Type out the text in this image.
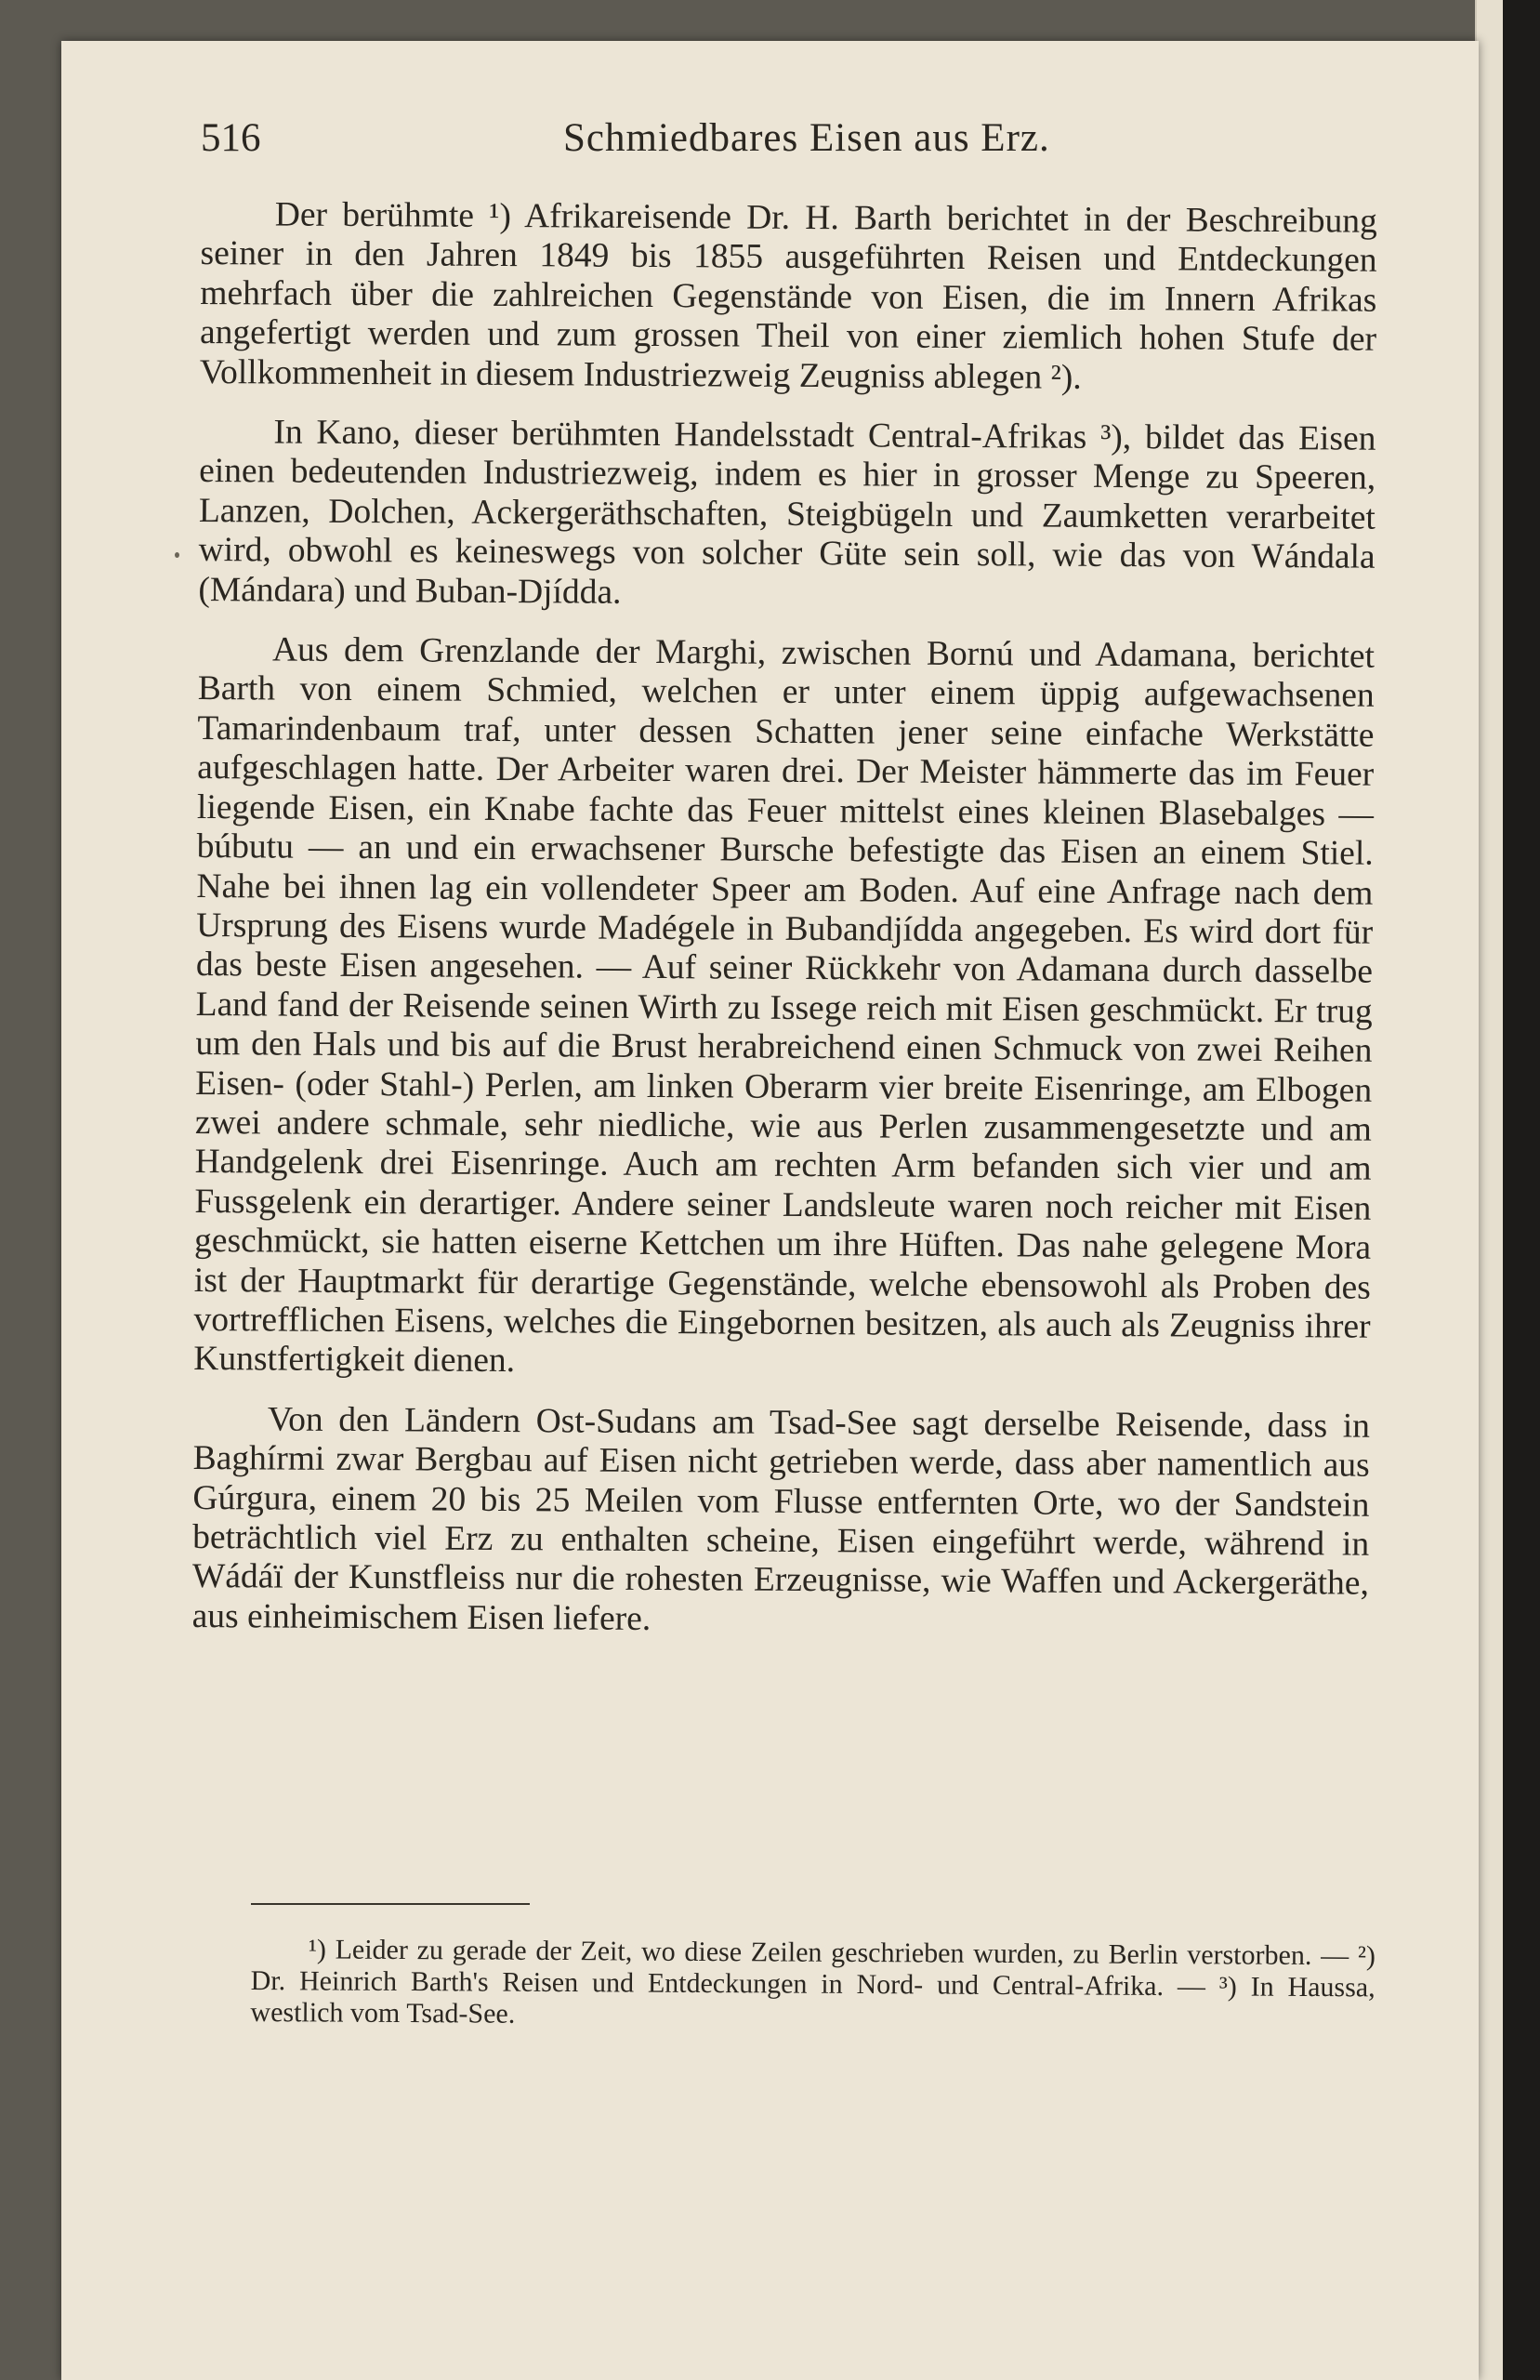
516	Schmiedbares Eisen aus Erz.

Der berühmte ¹) Afrikareisende Dr. H. Barth berichtet in der Beschreibung seiner in den Jahren 1849 bis 1855 ausgeführten Reisen und Entdeckungen mehrfach über die zahlreichen Gegenstände von Eisen, die im Innern Afrikas angefertigt werden und zum grossen Theil von einer ziemlich hohen Stufe der Vollkommenheit in diesem Industriezweig Zeugniss ablegen ²).

In Kano, dieser berühmten Handelsstadt Central-Afrikas ³), bildet das Eisen einen bedeutenden Industriezweig, indem es hier in grosser Menge zu Speeren, Lanzen, Dolchen, Ackergeräthschaften, Steigbügeln und Zaumketten verarbeitet wird, obwohl es keineswegs von solcher Güte sein soll, wie das von Wándala (Mándara) und Buban-Djídda.

Aus dem Grenzlande der Marghi, zwischen Bornú und Adamana, berichtet Barth von einem Schmied, welchen er unter einem üppig aufgewachsenen Tamarindenbaum traf, unter dessen Schatten jener seine einfache Werkstätte aufgeschlagen hatte. Der Arbeiter waren drei. Der Meister hämmerte das im Feuer liegende Eisen, ein Knabe fachte das Feuer mittelst eines kleinen Blasebalges — búbutu — an und ein erwachsener Bursche befestigte das Eisen an einem Stiel. Nahe bei ihnen lag ein vollendeter Speer am Boden. Auf eine Anfrage nach dem Ursprung des Eisens wurde Madégele in Bubandjídda angegeben. Es wird dort für das beste Eisen angesehen. — Auf seiner Rückkehr von Adamana durch dasselbe Land fand der Reisende seinen Wirth zu Issege reich mit Eisen geschmückt. Er trug um den Hals und bis auf die Brust herabreichend einen Schmuck von zwei Reihen Eisen- (oder Stahl-) Perlen, am linken Oberarm vier breite Eisenringe, am Elbogen zwei andere schmale, sehr niedliche, wie aus Perlen zusammengesetzte und am Handgelenk drei Eisenringe. Auch am rechten Arm befanden sich vier und am Fussgelenk ein derartiger. Andere seiner Landsleute waren noch reicher mit Eisen geschmückt, sie hatten eiserne Kettchen um ihre Hüften. Das nahe gelegene Mora ist der Hauptmarkt für derartige Gegenstände, welche ebensowohl als Proben des vortrefflichen Eisens, welches die Eingebornen besitzen, als auch als Zeugniss ihrer Kunstfertigkeit dienen.

Von den Ländern Ost-Sudans am Tsad-See sagt derselbe Reisende, dass in Baghírmi zwar Bergbau auf Eisen nicht getrieben werde, dass aber namentlich aus Gúrgura, einem 20 bis 25 Meilen vom Flusse entfernten Orte, wo der Sandstein beträchtlich viel Erz zu enthalten scheine, Eisen eingeführt werde, während in Wádáï der Kunstfleiss nur die rohesten Erzeugnisse, wie Waffen und Ackergeräthe, aus einheimischem Eisen liefere.

¹) Leider zu gerade der Zeit, wo diese Zeilen geschrieben wurden, zu Berlin verstorben. — ²) Dr. Heinrich Barth's Reisen und Entdeckungen in Nord- und Central-Afrika. — ³) In Haussa, westlich vom Tsad-See.
